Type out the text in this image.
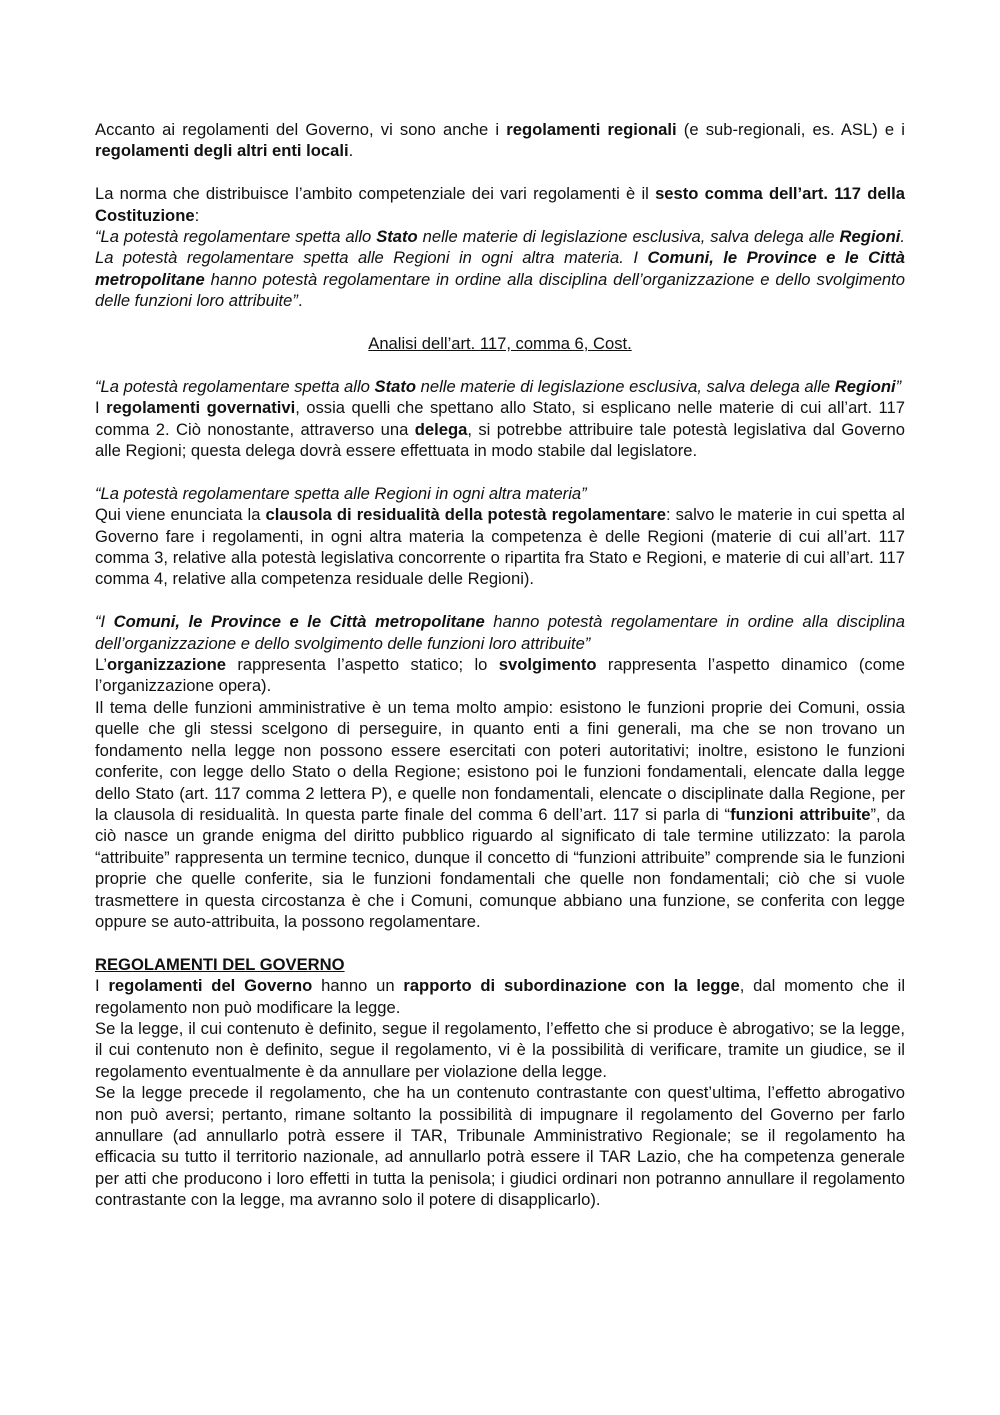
Accanto ai regolamenti del Governo, vi sono anche i regolamenti regionali (e sub-regionali, es. ASL) e i regolamenti degli altri enti locali.

La norma che distribuisce l’ambito competenziale dei vari regolamenti è il sesto comma dell’art. 117 della Costituzione:

“La potestà regolamentare spetta allo Stato nelle materie di legislazione esclusiva, salva delega alle Regioni. La potestà regolamentare spetta alle Regioni in ogni altra materia. I Comuni, le Province e le Città metropolitane hanno potestà regolamentare in ordine alla disciplina dell’organizzazione e dello svolgimento delle funzioni loro attribuite”.

Analisi dell’art. 117, comma 6, Cost.

“La potestà regolamentare spetta allo Stato nelle materie di legislazione esclusiva, salva delega alle Regioni”

I regolamenti governativi, ossia quelli che spettano allo Stato, si esplicano nelle materie di cui all’art. 117 comma 2. Ciò nonostante, attraverso una delega, si potrebbe attribuire tale potestà legislativa dal Governo alle Regioni; questa delega dovrà essere effettuata in modo stabile dal legislatore.

“La potestà regolamentare spetta alle Regioni in ogni altra materia”

Qui viene enunciata la clausola di residualità della potestà regolamentare: salvo le materie in cui spetta al Governo fare i regolamenti, in ogni altra materia la competenza è delle Regioni (materie di cui all’art. 117 comma 3, relative alla potestà legislativa concorrente o ripartita fra Stato e Regioni, e materie di cui all’art. 117 comma 4, relative alla competenza residuale delle Regioni).

“I Comuni, le Province e le Città metropolitane hanno potestà regolamentare in ordine alla disciplina dell’organizzazione e dello svolgimento delle funzioni loro attribuite”

L’organizzazione rappresenta l’aspetto statico; lo svolgimento rappresenta l’aspetto dinamico (come l’organizzazione opera).

Il tema delle funzioni amministrative è un tema molto ampio: esistono le funzioni proprie dei Comuni, ossia quelle che gli stessi scelgono di perseguire, in quanto enti a fini generali, ma che se non trovano un fondamento nella legge non possono essere esercitati con poteri autoritativi; inoltre, esistono le funzioni conferite, con legge dello Stato o della Regione; esistono poi le funzioni fondamentali, elencate dalla legge dello Stato (art. 117 comma 2 lettera P), e quelle non fondamentali, elencate o disciplinate dalla Regione, per la clausola di residualità. In questa parte finale del comma 6 dell’art. 117 si parla di “funzioni attribuite”, da ciò nasce un grande enigma del diritto pubblico riguardo al significato di tale termine utilizzato: la parola “attribuite” rappresenta un termine tecnico, dunque il concetto di “funzioni attribuite” comprende sia le funzioni proprie che quelle conferite, sia le funzioni fondamentali che quelle non fondamentali; ciò che si vuole trasmettere in questa circostanza è che i Comuni, comunque abbiano una funzione, se conferita con legge oppure se auto-attribuita, la possono regolamentare.

REGOLAMENTI DEL GOVERNO

I regolamenti del Governo hanno un rapporto di subordinazione con la legge, dal momento che il regolamento non può modificare la legge.

Se la legge, il cui contenuto è definito, segue il regolamento, l’effetto che si produce è abrogativo; se la legge, il cui contenuto non è definito, segue il regolamento, vi è la possibilità di verificare, tramite un giudice, se il regolamento eventualmente è da annullare per violazione della legge.

Se la legge precede il regolamento, che ha un contenuto contrastante con quest’ultima, l’effetto abrogativo non può aversi; pertanto, rimane soltanto la possibilità di impugnare il regolamento del Governo per farlo annullare (ad annullarlo potrà essere il TAR, Tribunale Amministrativo Regionale; se il regolamento ha efficacia su tutto il territorio nazionale, ad annullarlo potrà essere il TAR Lazio, che ha competenza generale per atti che producono i loro effetti in tutta la penisola; i giudici ordinari non potranno annullare il regolamento contrastante con la legge, ma avranno solo il potere di disapplicarlo).
